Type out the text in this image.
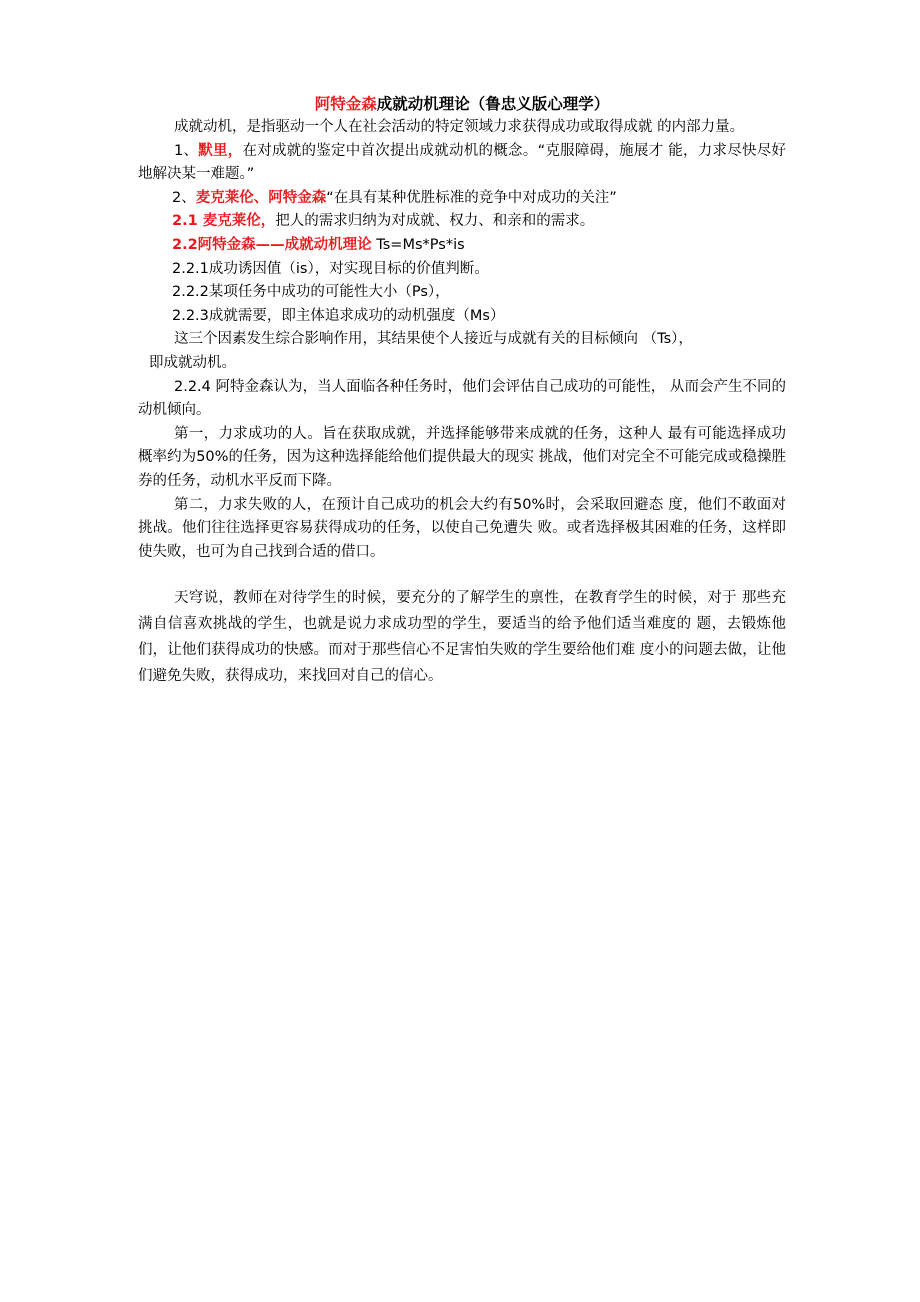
阿特金森成就动机理论（鲁忠义版心理学）

成就动机，是指驱动一个人在社会活动的特定领域力求获得成功或取得成就 的内部力量。

1、默里，在对成就的鉴定中首次提出成就动机的概念。“克服障碍，施展才 能，力求尽快尽好地解决某一难题。”

2、麦克莱伦、阿特金森“在具有某种优胜标准的竞争中对成功的关注”

2.1 麦克莱伦，把人的需求归纳为对成就、权力、和亲和的需求。

2.2阿特金森——成就动机理论 Ts=Ms*Ps*is

2.2.1成功诱因值（is），对实现目标的价值判断。

2.2.2某项任务中成功的可能性大小（Ps），

2.2.3成就需要，即主体追求成功的动机强度（Ms）

这三个因素发生综合影响作用，其结果使个人接近与成就有关的目标倾向 （Ts），

即成就动机。

2.2.4 阿特金森认为，当人面临各种任务时，他们会评估自己成功的可能性， 从而会产生不同的动机倾向。

第一，力求成功的人。旨在获取成就，并选择能够带来成就的任务，这种人 最有可能选择成功概率约为50%的任务，因为这种选择能给他们提供最大的现实 挑战，他们对完全不可能完成或稳操胜券的任务，动机水平反而下降。

第二，力求失败的人，在预计自己成功的机会大约有50%时，会采取回避态 度，他们不敢面对挑战。他们往往选择更容易获得成功的任务，以使自己免遭失 败。或者选择极其困难的任务，这样即使失败，也可为自己找到合适的借口。

天穹说，教师在对待学生的时候，要充分的了解学生的禀性，在教育学生的时候，对于 那些充满自信喜欢挑战的学生，也就是说力求成功型的学生，要适当的给予他们适当难度的 题，去锻炼他们，让他们获得成功的快感。而对于那些信心不足害怕失败的学生要给他们难 度小的问题去做，让他们避免失败，获得成功，来找回对自己的信心。
